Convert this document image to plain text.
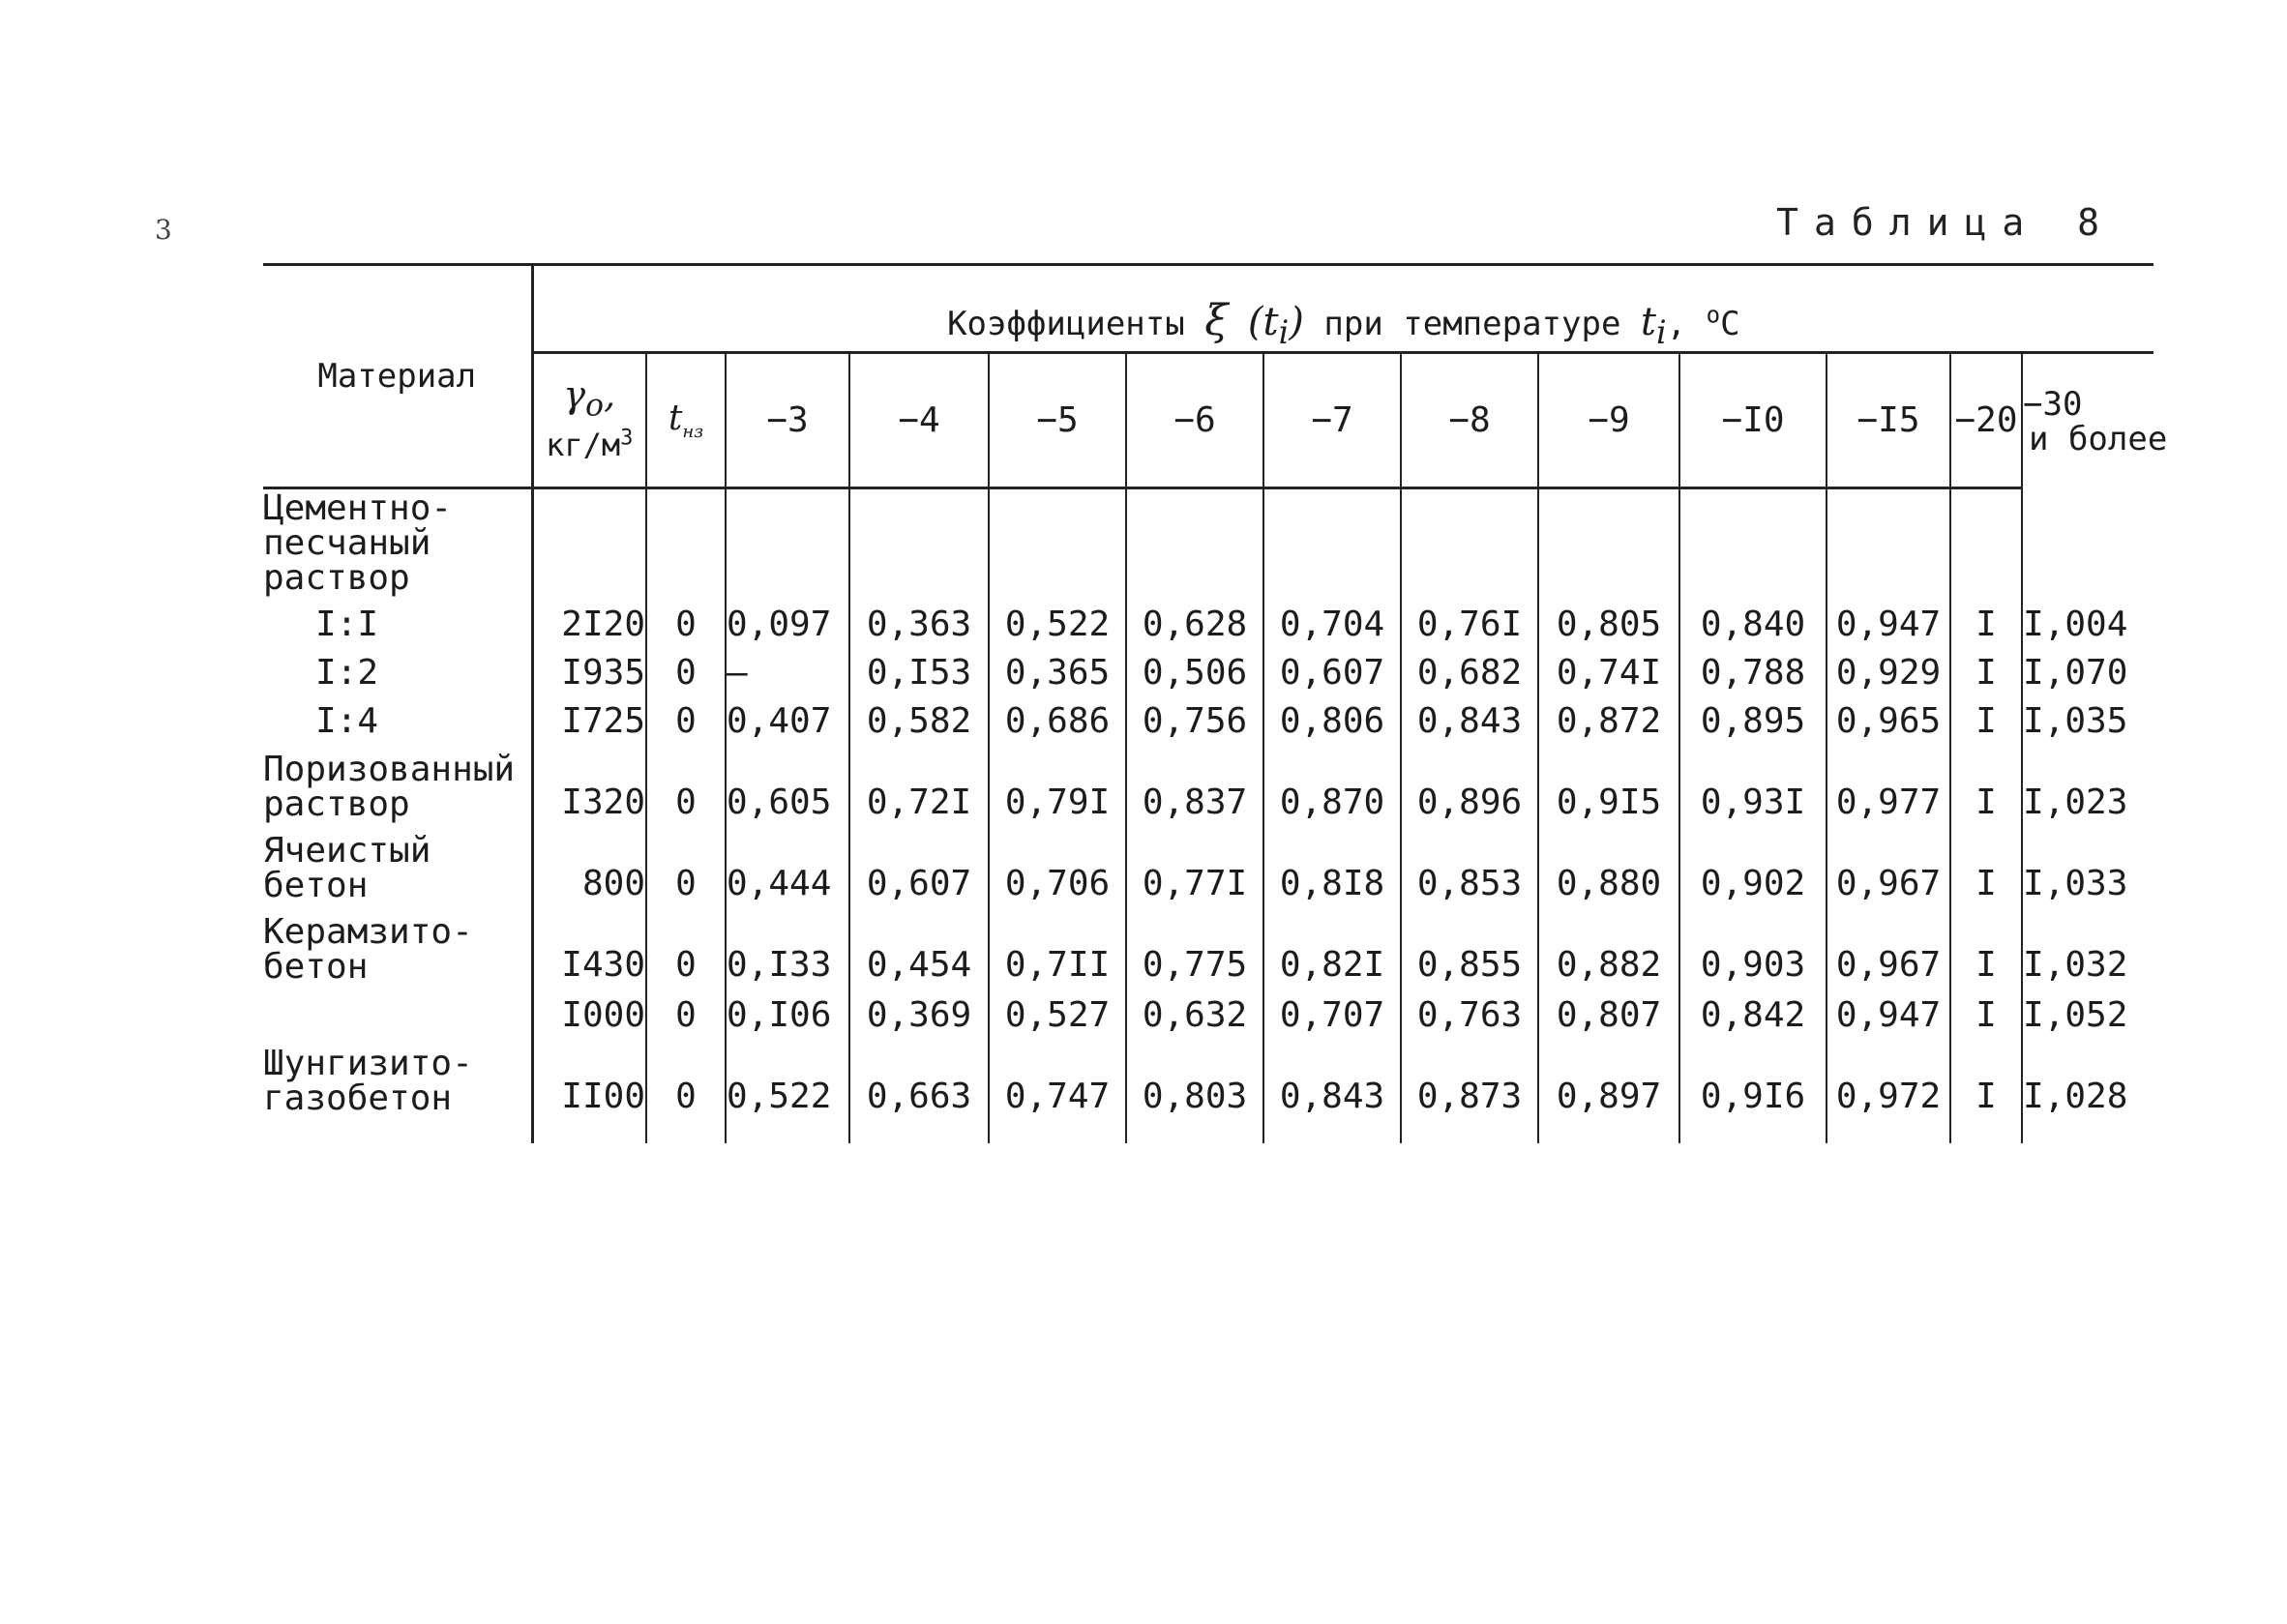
3	Таблица 8
Материал	Коэффициенты ξ $(t_i)$ при температуре $t_i$, $^о$С												
	$\gamma_o$,
$кг/м^3$	$t_{нз}$	−3	−4	−5	−6	−7	−8	−9	−I0	−I5	−20	−30
и более

Цементно-
песчаный
раствор													

I:I	2I20	0	0,097	0,363	0,522	0,628	0,704	0,76I	0,805	0,840	0,947	I	I,004

I:2	I935	0	–	0,I53	0,365	0,506	0,607	0,682	0,74I	0,788	0,929	I	I,070

I:4	I725	0	0,407	0,582	0,686	0,756	0,806	0,843	0,872	0,895	0,965	I	I,035

Поризованный
раствор	I320	0	0,605	0,72I	0,79I	0,837	0,870	0,896	0,9I5	0,93I	0,977	I	I,023

Ячеистый
бетон	800	0	0,444	0,607	0,706	0,77I	0,8I8	0,853	0,880	0,902	0,967	I	I,033

Керамзито-
бетон	I430	0	0,I33	0,454	0,7II	0,775	0,82I	0,855	0,882	0,903	0,967	I	I,032

	I000	0	0,I06	0,369	0,527	0,632	0,707	0,763	0,807	0,842	0,947	I	I,052

Шунгизито-
газобетон	II00	0	0,522	0,663	0,747	0,803	0,843	0,873	0,897	0,9I6	0,972	I	I,028
